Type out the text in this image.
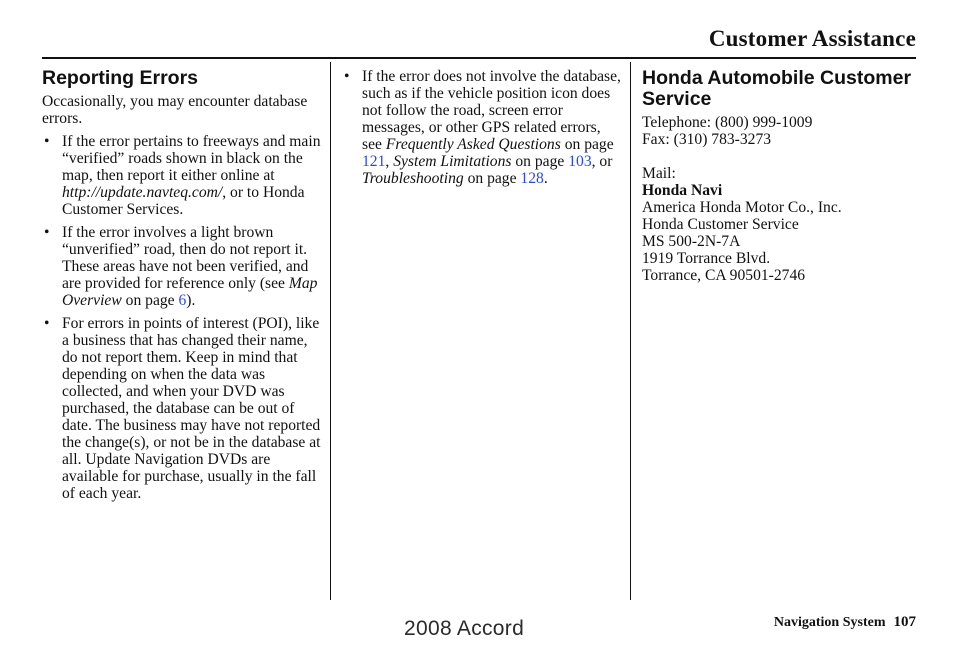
Customer Assistance
Reporting Errors

Occasionally, you may encounter database errors.

• If the error pertains to freeways and main “verified” roads shown in black on the map, then report it either online at http://update.navteq.com/, or to Honda Customer Services.
• If the error involves a light brown “unverified” road, then do not report it. These areas have not been verified, and are provided for reference only (see Map Overview on page 6).
• For errors in points of interest (POI), like a business that has changed their name, do not report them. Keep in mind that depending on when the data was collected, and when your DVD was purchased, the database can be out of date. The business may have not reported the change(s), or not be in the database at all. Update Navigation DVDs are available for purchase, usually in the fall of each year.
• If the error does not involve the database, such as if the vehicle position icon does not follow the road, screen error messages, or other GPS related errors, see Frequently Asked Questions on page 121, System Limitations on page 103, or Troubleshooting on page 128.
Honda Automobile Customer Service
Telephone: (800) 999-1009
Fax: (310) 783-3273
Mail:
Honda Navi
America Honda Motor Co., Inc.
Honda Customer Service
MS 500-2N-7A
1919 Torrance Blvd.
Torrance, CA 90501-2746
Navigation System 107
2008 Accord
